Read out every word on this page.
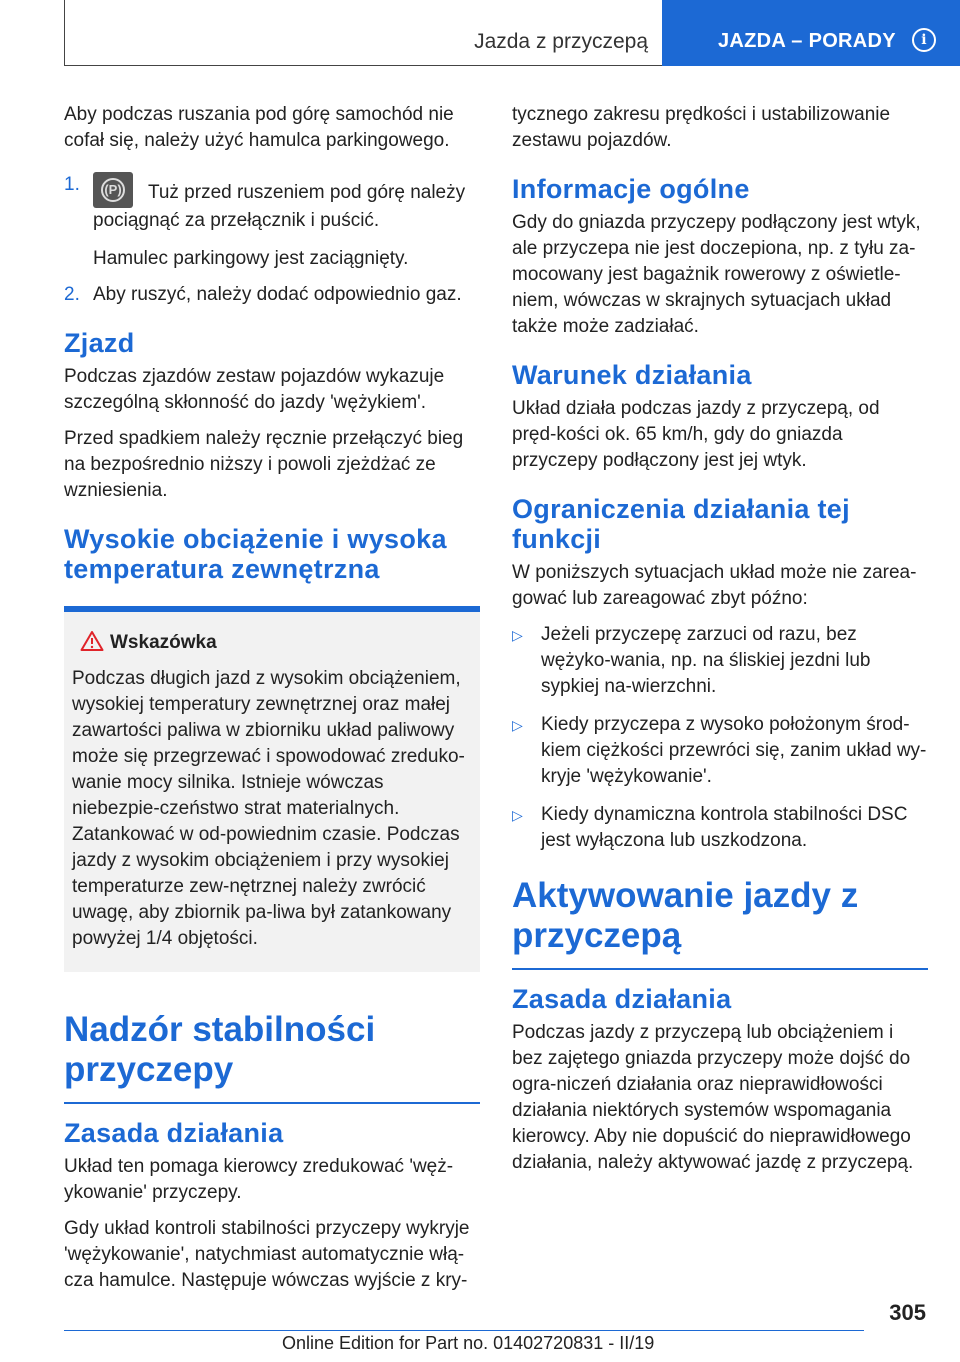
Jazda z przyczepą	JAZDA – PORADY	i

Aby podczas ruszania pod górę samochód nie cofał się, należy użyć hamulca parkingowego.

1. (P) Tuż przed ruszeniem pod górę należy pociągnąć za przełącznik i puścić.
Hamulec parkingowy jest zaciągnięty.
2. Aby ruszyć, należy dodać odpowiednio gaz.
Zjazd

Podczas zjazdów zestaw pojazdów wykazuje szczególną skłonność do jazdy 'wężykiem'.

Przed spadkiem należy ręcznie przełączyć bieg na bezpośrednio niższy i powoli zjeżdżać ze wzniesienia.

Wysokie obciążenie i wysoka temperatura zewnętrzna
Wskazówka

Podczas długich jazd z wysokim obciążeniem, wysokiej temperatury zewnętrznej oraz małej zawartości paliwa w zbiorniku układ paliwowy może się przegrzewać i spowodować zreduko-wanie mocy silnika. Istnieje wówczas niebezpie-czeństwo strat materialnych. Zatankować w od-powiednim czasie. Podczas jazdy z wysokim obciążeniem i przy wysokiej temperaturze zew-nętrznej należy zwrócić uwagę, aby zbiornik pa-liwa był zatankowany powyżej 1/4 objętości.

Nadzór stabilności przyczepy
Zasada działania

Układ ten pomaga kierowcy zredukować 'węż-ykowanie' przyczepy.

Gdy układ kontroli stabilności przyczepy wykryje 'wężykowanie', natychmiast automatycznie włą-cza hamulce. Następuje wówczas wyjście z kry-

tycznego zakresu prędkości i ustabilizowanie zestawu pojazdów.

Informacje ogólne

Gdy do gniazda przyczepy podłączony jest wtyk, ale przyczepa nie jest doczepiona, np. z tyłu za-mocowany jest bagażnik rowerowy z oświetle-niem, wówczas w skrajnych sytuacjach układ także może zadziałać.

Warunek działania

Układ działa podczas jazdy z przyczepą, od pręd-kości ok. 65 km/h, gdy do gniazda przyczepy podłączony jest jej wtyk.

Ograniczenia działania tej funkcji

W poniższych sytuacjach układ może nie zarea-gować lub zareagować zbyt późno:

▷ Jeżeli przyczepę zarzuci od razu, bez wężyko-wania, np. na śliskiej jezdni lub sypkiej na-wierzchni.
▷ Kiedy przyczepa z wysoko położonym środ-kiem ciężkości przewróci się, zanim układ wy-kryje 'wężykowanie'.
▷ Kiedy dynamiczna kontrola stabilności DSC jest wyłączona lub uszkodzona.
Aktywowanie jazdy z przyczepą
Zasada działania

Podczas jazdy z przyczepą lub obciążeniem i bez zajętego gniazda przyczepy może dojść do ogra-niczeń działania oraz nieprawidłowości działania niektórych systemów wspomagania kierowcy. Aby nie dopuścić do nieprawidłowego działania, należy aktywować jazdę z przyczepą.

305
Online Edition for Part no. 01402720831 - II/19
